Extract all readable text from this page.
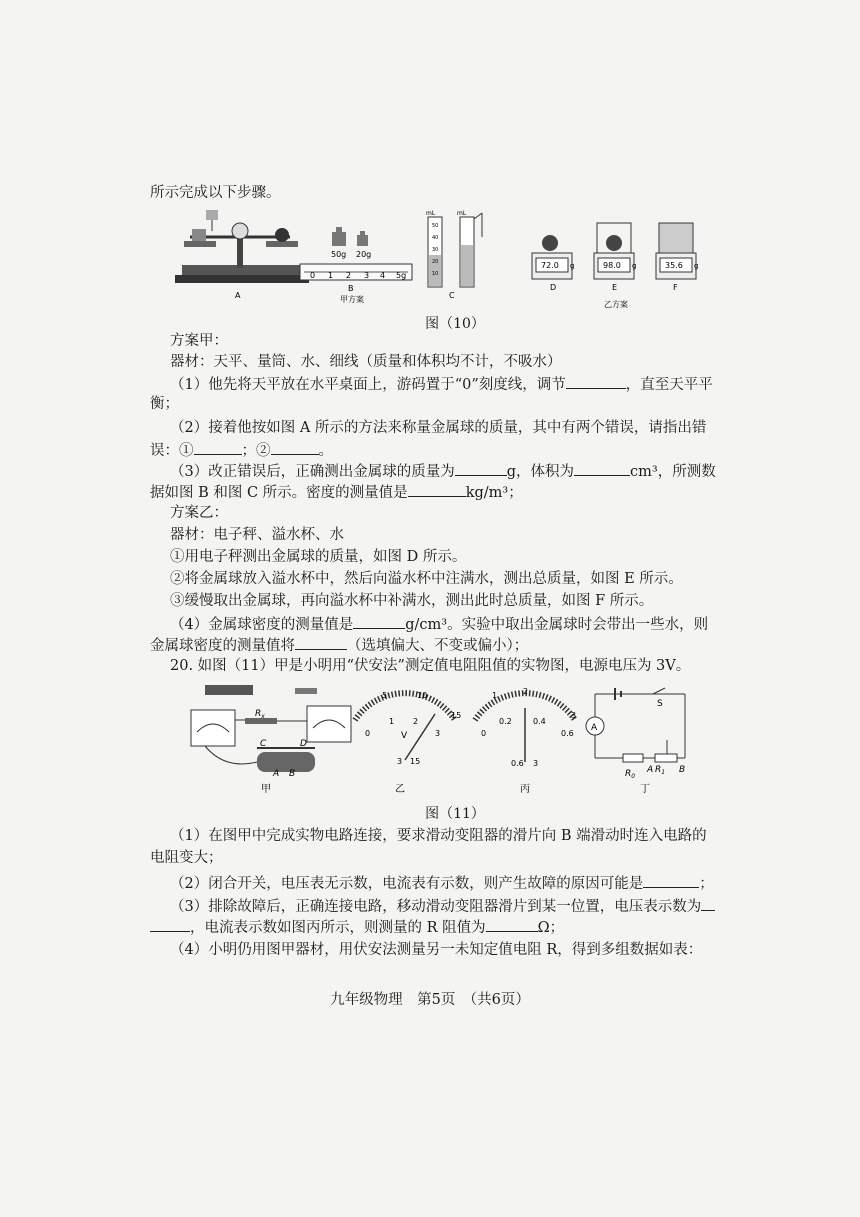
所示完成以下步骤。
50g 20g
0 1 2 3 4 5g
mL	mL
50
40
30
20
10
72.0 g	98.0 g	35.6 g
A
B
甲方案	C
D	E	F
乙方案
图（10）
方案甲：
器材：天平、量筒、水、细线（质量和体积均不计，不吸水）
（1）他先将天平放在水平桌面上，游码置于“0”刻度线，调节	，直至天平平
衡；
（2）接着他按如图 A 所示的方法来称量金属球的质量，其中有两个错误，请指出错
误：①	；②	。
（3）改正错误后，正确测出金属球的质量为	g，体积为	cm³，所测数
据如图 B 和图 C 所示。密度的测量值是	kg/m³；
方案乙：
器材：电子秤、溢水杯、水
①用电子秤测出金属球的质量，如图 D 所示。
②将金属球放入溢水杯中，然后向溢水杯中注满水，测出总质量，如图 E 所示。
③缓慢取出金属球，再向溢水杯中补满水，测出此时总质量，如图 F 所示。
（4）金属球密度的测量值是	g/cm³。实验中取出金属球时会带出一些水，则
金属球密度的测量值将	（选填偏大、不变或偏小）；
20. 如图（11）甲是小明用“伏安法”测定值电阻阻值的实物图，电源电压为 3V。
$R_x$
C	D
A B
甲
5	10
15
0
1 2
3
V
3 15
乙
1	2
3
0
0.2	0.4
0.6
0.6 3
丙
A
S
$R_0$
$R_1$
A	B
丁
图（11）
（1）在图甲中完成实物电路连接，要求滑动变阻器的滑片向 B 端滑动时连入电路的
电阻变大；
（2）闭合开关，电压表无示数，电流表有示数，则产生故障的原因可能是	；
（3）排除故障后，正确连接电路，移动滑动变阻器滑片到某一位置，电压表示数为
，电流表示数如图丙所示，则测量的 R 阻值为	Ω；
（4）小明仍用图甲器材，用伏安法测量另一未知定值电阻 R，得到多组数据如表：
九年级物理　第5页　（共6页）
